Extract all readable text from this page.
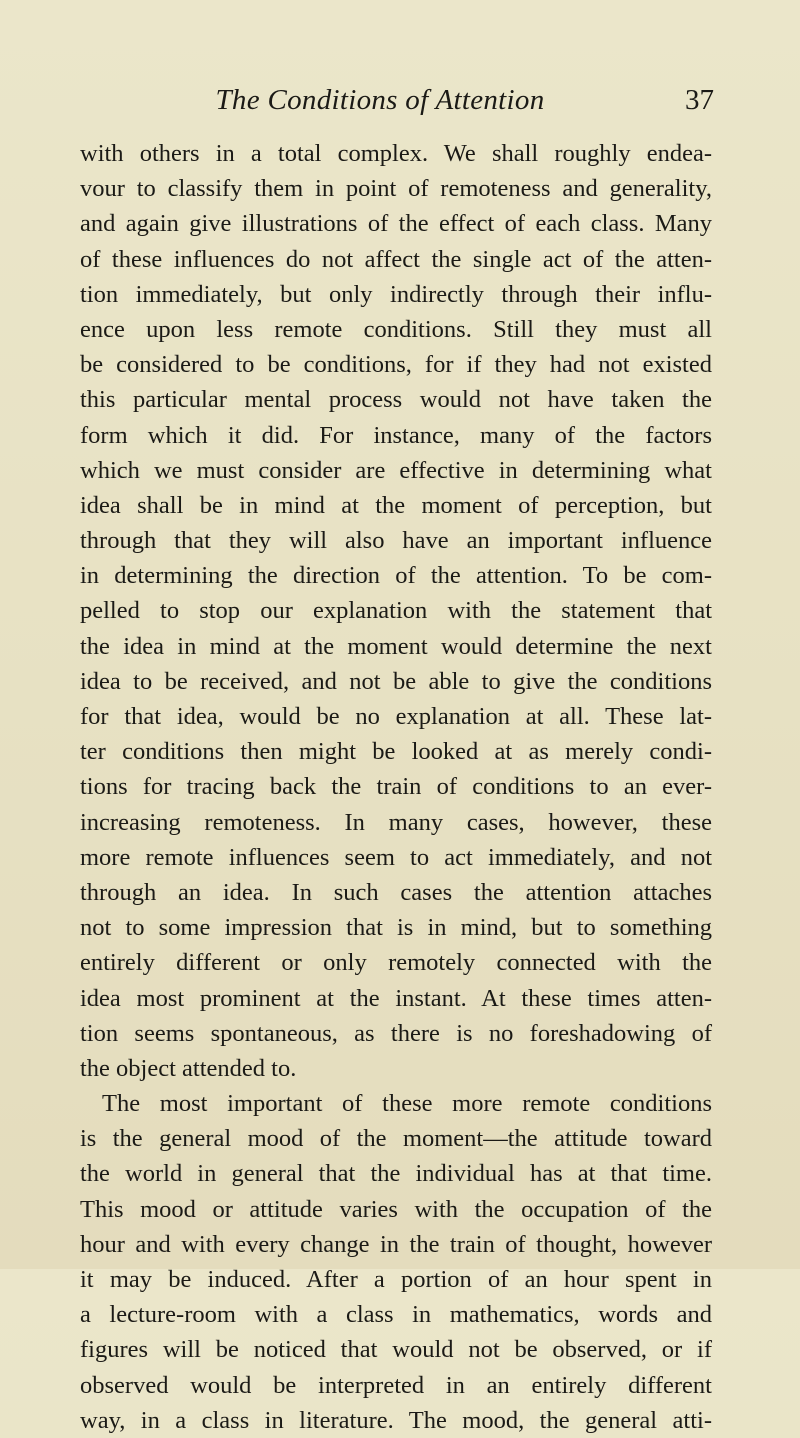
The Conditions of Attention	37
with others in a total complex. We shall roughly endea-
vour to classify them in point of remoteness and generality,
and again give illustrations of the effect of each class. Many
of these influences do not affect the single act of the atten-
tion immediately, but only indirectly through their influ-
ence upon less remote conditions. Still they must all
be considered to be conditions, for if they had not existed
this particular mental process would not have taken the
form which it did. For instance, many of the factors
which we must consider are effective in determining what
idea shall be in mind at the moment of perception, but
through that they will also have an important influence
in determining the direction of the attention. To be com-
pelled to stop our explanation with the statement that
the idea in mind at the moment would determine the next
idea to be received, and not be able to give the conditions
for that idea, would be no explanation at all. These lat-
ter conditions then might be looked at as merely condi-
tions for tracing back the train of conditions to an ever-
increasing remoteness. In many cases, however, these
more remote influences seem to act immediately, and not
through an idea. In such cases the attention attaches
not to some impression that is in mind, but to something
entirely different or only remotely connected with the
idea most prominent at the instant. At these times atten-
tion seems spontaneous, as there is no foreshadowing of
the object attended to.
The most important of these more remote conditions
is the general mood of the moment—the attitude toward
the world in general that the individual has at that time.
This mood or attitude varies with the occupation of the
hour and with every change in the train of thought, however
it may be induced. After a portion of an hour spent in
a lecture-room with a class in mathematics, words and
figures will be noticed that would not be observed, or if
observed would be interpreted in an entirely different
way, in a class in literature. The mood, the general atti-
